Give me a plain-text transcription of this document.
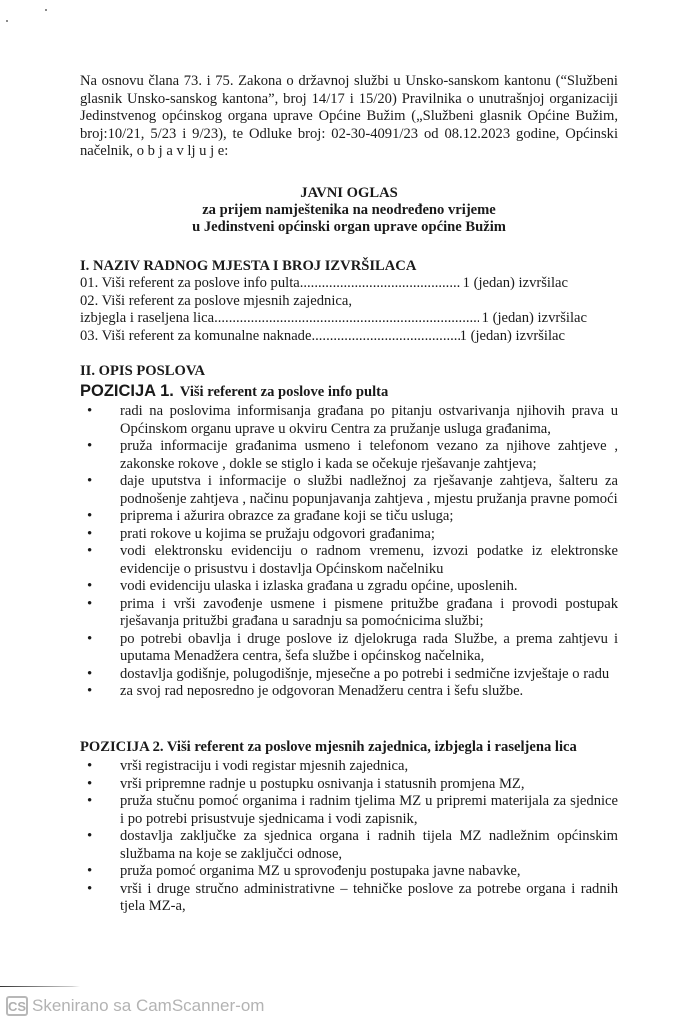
Na osnovu člana 73. i 75. Zakona o državnoj službi u Unsko-sanskom kantonu (“Službeni glasnik Unsko-sanskog kantona”, broj 14/17 i 15/20) Pravilnika o unutrašnjoj organizaciji Jedinstvenog općinskog organa uprave Općine Bužim („Službeni glasnik Općine Bužim, broj:10/21, 5/23 i 9/23), te Odluke broj: 02-30-4091/23 od 08.12.2023 godine, Općinski načelnik, o b j a v lj u j e:

JAVNI OGLAS
za prijem namještenika na neodređeno vrijeme
u Jedinstveni općinski organ uprave općine Bužim
I. NAZIV RADNOG MJESTA I BROJ IZVRŠILACA
01. Viši referent za poslove info pulta .....	1 (jedan) izvršilac
02. Viši referent za poslove mjesnih zajednica,
izbjegla i raseljena lica .....	1 (jedan) izvršilac
03. Viši referent za komunalne naknade .....	1 (jedan) izvršilac
II. OPIS POSLOVA
POZICIJA 1. Viši referent za poslove info pulta
• radi na poslovima informisanja građana po pitanju ostvarivanja njihovih prava u Općinskom organu uprave u okviru Centra za pružanje usluga građanima,
• pruža informacije građanima usmeno i telefonom vezano za njihove zahtjeve , zakonske rokove , dokle se stiglo i kada se očekuje rješavanje zahtjeva;
• daje uputstva i informacije o službi nadležnoj za rješavanje zahtjeva, šalteru za podnošenje zahtjeva , načinu popunjavanja zahtjeva , mjestu pružanja pravne pomoći
• priprema i ažurira obrazce za građane koji se tiču usluga;
• prati rokove u kojima se pružaju odgovori građanima;
• vodi elektronsku evidenciju o radnom vremenu, izvozi podatke iz elektronske evidencije o prisustvu i dostavlja Općinskom načelniku
• vodi evidenciju ulaska i izlaska građana u zgradu općine, uposlenih.
• prima i vrši zavođenje usmene i pismene pritužbe građana i provodi postupak rješavanja pritužbi građana u saradnju sa pomoćnicima službi;
• po potrebi obavlja i druge poslove iz djelokruga rada Službe, a prema zahtjevu i uputama Menadžera centra, šefa službe i općinskog načelnika,
• dostavlja godišnje, polugodišnje, mjesečne a po potrebi i sedmične izvještaje o radu
• za svoj rad neposredno je odgovoran Menadžeru centra i šefu službe.
POZICIJA 2. Viši referent za poslove mjesnih zajednica, izbjegla i raseljena lica
• vrši registraciju i vodi registar mjesnih zajednica,
• vrši pripremne radnje u postupku osnivanja i statusnih promjena MZ,
• pruža stučnu pomoć organima i radnim tjelima MZ u pripremi materijala za sjednice i po potrebi prisustvuje sjednicama i vodi zapisnik,
• dostavlja zaključke za sjednica organa i radnih tijela MZ nadležnim općinskim službama na koje se zaključci odnose,
• pruža pomoć organima MZ u sprovođenju postupaka javne nabavke,
• vrši i druge stručno administrativne – tehničke poslove za potrebe organa i radnih tjela MZ-a,
CS Skenirano sa CamScanner-om
